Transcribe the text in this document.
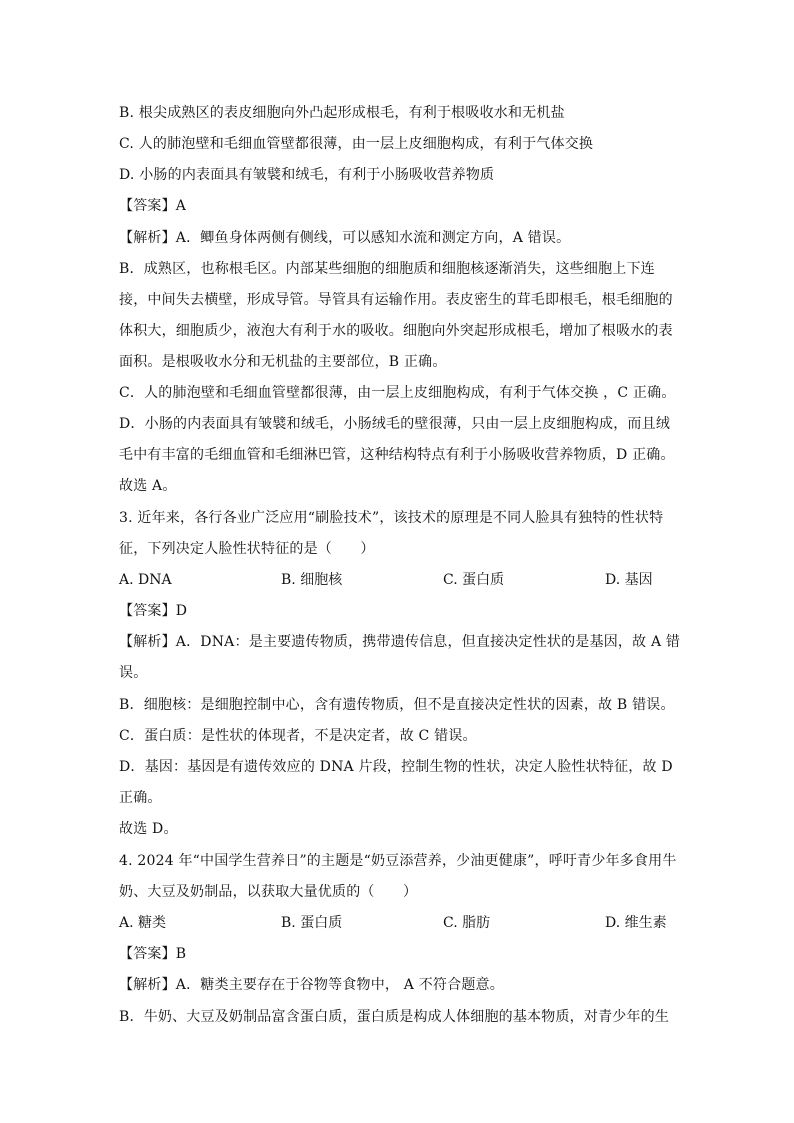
B. 根尖成熟区的表皮细胞向外凸起形成根毛，有利于根吸收水和无机盐
C. 人的肺泡壁和毛细血管壁都很薄，由一层上皮细胞构成，有利于气体交换
D. 小肠的内表面具有皱襞和绒毛，有利于小肠吸收营养物质
【答案】A
【解析】A．鲫鱼身体两侧有侧线，可以感知水流和测定方向，A 错误。
B．成熟区，也称根毛区。内部某些细胞的细胞质和细胞核逐渐消失，这些细胞上下连
接，中间失去横壁，形成导管。导管具有运输作用。表皮密生的茸毛即根毛，根毛细胞的
体积大，细胞质少，液泡大有利于水的吸收。细胞向外突起形成根毛，增加了根吸水的表
面积。是根吸收水分和无机盐的主要部位，B 正确。
C．人的肺泡壁和毛细血管壁都很薄，由一层上皮细胞构成，有利于气体交换 ，C 正确。
D．小肠的内表面具有皱襞和绒毛，小肠绒毛的壁很薄，只由一层上皮细胞构成，而且绒
毛中有丰富的毛细血管和毛细淋巴管，这种结构特点有利于小肠吸收营养物质，D 正确。
故选 A。
3. 近年来，各行各业广泛应用“刷脸技术”，该技术的原理是不同人脸具有独特的性状特
征，下列决定人脸性状特征的是（　　）
A. DNA	B. 细胞核	C. 蛋白质	D. 基因
【答案】D
【解析】A．DNA：是主要遗传物质，携带遗传信息，但直接决定性状的是基因，故 A 错
误。
B．细胞核：是细胞控制中心，含有遗传物质，但不是直接决定性状的因素，故 B 错误。
C．蛋白质：是性状的体现者，不是决定者，故 C 错误。
D．基因：基因是有遗传效应的 DNA 片段，控制生物的性状，决定人脸性状特征，故 D
正确。
故选 D。
4. 2024 年“中国学生营养日”的主题是“奶豆添营养，少油更健康”，呼吁青少年多食用牛
奶、大豆及奶制品，以获取大量优质的（　　）
A. 糖类	B. 蛋白质	C. 脂肪	D. 维生素
【答案】B
【解析】A．糖类主要存在于谷物等食物中， A 不符合题意。
B．牛奶、大豆及奶制品富含蛋白质，蛋白质是构成人体细胞的基本物质，对青少年的生
